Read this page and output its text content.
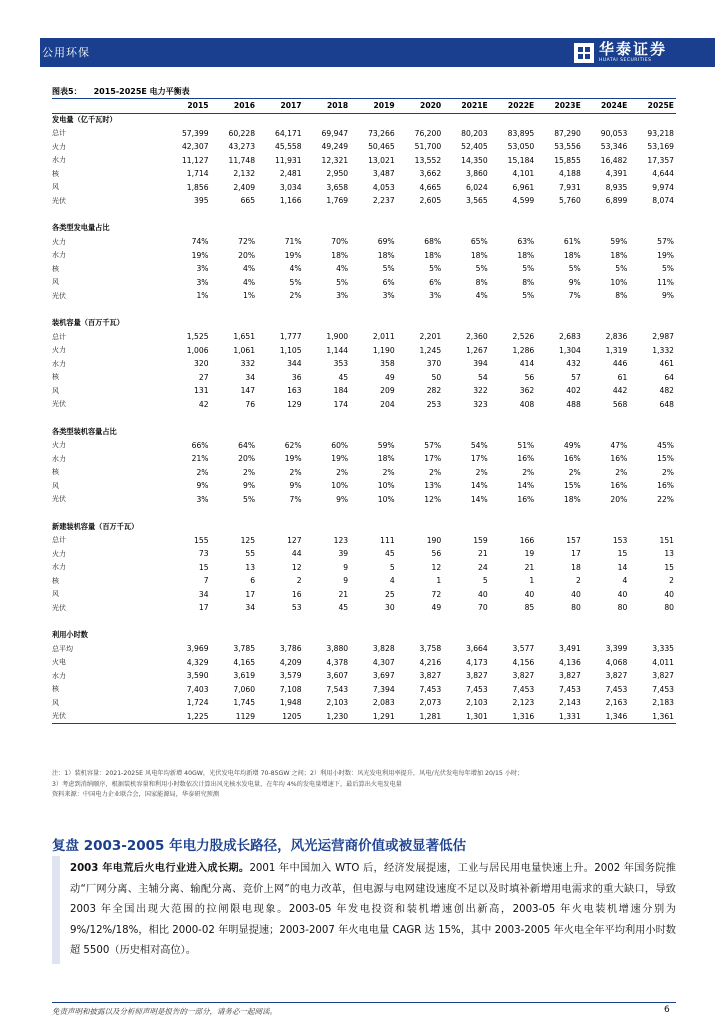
公用环保	华泰证券
HUATAI SECURITIES
图表5： 2015-2025E 电力平衡表
	2015	2016	2017	2018	2019	2020	2021E	2022E	2023E	2024E	2025E
发电量（亿千瓦时）											
总计	57,399	60,228	64,171	69,947	73,266	76,200	80,203	83,895	87,290	90,053	93,218
火力	42,307	43,273	45,558	49,249	50,465	51,700	52,405	53,050	53,556	53,346	53,169
水力	11,127	11,748	11,931	12,321	13,021	13,552	14,350	15,184	15,855	16,482	17,357
核	1,714	2,132	2,481	2,950	3,487	3,662	3,860	4,101	4,188	4,391	4,644
风	1,856	2,409	3,034	3,658	4,053	4,665	6,024	6,961	7,931	8,935	9,974
光伏	395	665	1,166	1,769	2,237	2,605	3,565	4,599	5,760	6,899	8,074

各类型发电量占比											
火力	74%	72%	71%	70%	69%	68%	65%	63%	61%	59%	57%
水力	19%	20%	19%	18%	18%	18%	18%	18%	18%	18%	19%
核	3%	4%	4%	4%	5%	5%	5%	5%	5%	5%	5%
风	3%	4%	5%	5%	6%	6%	8%	8%	9%	10%	11%
光伏	1%	1%	2%	3%	3%	3%	4%	5%	7%	8%	9%

装机容量（百万千瓦）											
总计	1,525	1,651	1,777	1,900	2,011	2,201	2,360	2,526	2,683	2,836	2,987
火力	1,006	1,061	1,105	1,144	1,190	1,245	1,267	1,286	1,304	1,319	1,332
水力	320	332	344	353	358	370	394	414	432	446	461
核	27	34	36	45	49	50	54	56	57	61	64
风	131	147	163	184	209	282	322	362	402	442	482
光伏	42	76	129	174	204	253	323	408	488	568	648

各类型装机容量占比											
火力	66%	64%	62%	60%	59%	57%	54%	51%	49%	47%	45%
水力	21%	20%	19%	19%	18%	17%	17%	16%	16%	16%	15%
核	2%	2%	2%	2%	2%	2%	2%	2%	2%	2%	2%
风	9%	9%	9%	10%	10%	13%	14%	14%	15%	16%	16%
光伏	3%	5%	7%	9%	10%	12%	14%	16%	18%	20%	22%

新建装机容量（百万千瓦）											
总计	155	125	127	123	111	190	159	166	157	153	151
火力	73	55	44	39	45	56	21	19	17	15	13
水力	15	13	12	9	5	12	24	21	18	14	15
核	7	6	2	9	4	1	5	1	2	4	2
风	34	17	16	21	25	72	40	40	40	40	40
光伏	17	34	53	45	30	49	70	85	80	80	80

利用小时数											
总平均	3,969	3,785	3,786	3,880	3,828	3,758	3,664	3,577	3,491	3,399	3,335
火电	4,329	4,165	4,209	4,378	4,307	4,216	4,173	4,156	4,136	4,068	4,011
水力	3,590	3,619	3,579	3,607	3,697	3,827	3,827	3,827	3,827	3,827	3,827
核	7,403	7,060	7,108	7,543	7,394	7,453	7,453	7,453	7,453	7,453	7,453
风	1,724	1,745	1,948	2,103	2,083	2,073	2,103	2,123	2,143	2,163	2,183
光伏	1,225	1129	1205	1,230	1,291	1,281	1,301	1,316	1,331	1,346	1,361
注：1）装机容量：2021-2025E 风电年均新增 40GW，光伏发电年均新增 70-85GW 之间；2）利用小时数：风光发电利用率提升，风电/光伏发电每年增加 20/15 小时；
3）考虑到消纳顺序，根据装机容量和利用小时数依次计算出风光核水发电量，在年均 4%的发电量增速下，最后算出火电发电量
资料来源：中国电力企业联合会，国家能源局，华泰研究预测
复盘 2003-2005 年电力股成长路径，风光运营商价值或被显著低估
2003 年电荒后火电行业进入成长期。2001 年中国加入 WTO 后，经济发展提速，工业与居民用电量快速上升。2002 年国务院推动“厂网分离、主辅分离、输配分离、竞价上网”的电力改革，但电源与电网建设速度不足以及时填补新增用电需求的重大缺口，导致 2003 年全国出现大范围的拉闸限电现象。2003-05 年发电投资和装机增速创出新高，2003-05 年火电装机增速分别为 9%/12%/18%，相比 2000-02 年明显提速；2003-2007 年火电电量 CAGR 达 15%，其中 2003-2005 年火电全年平均利用小时数超 5500（历史相对高位）。
免责声明和披露以及分析师声明是报告的一部分，请务必一起阅读。	6
